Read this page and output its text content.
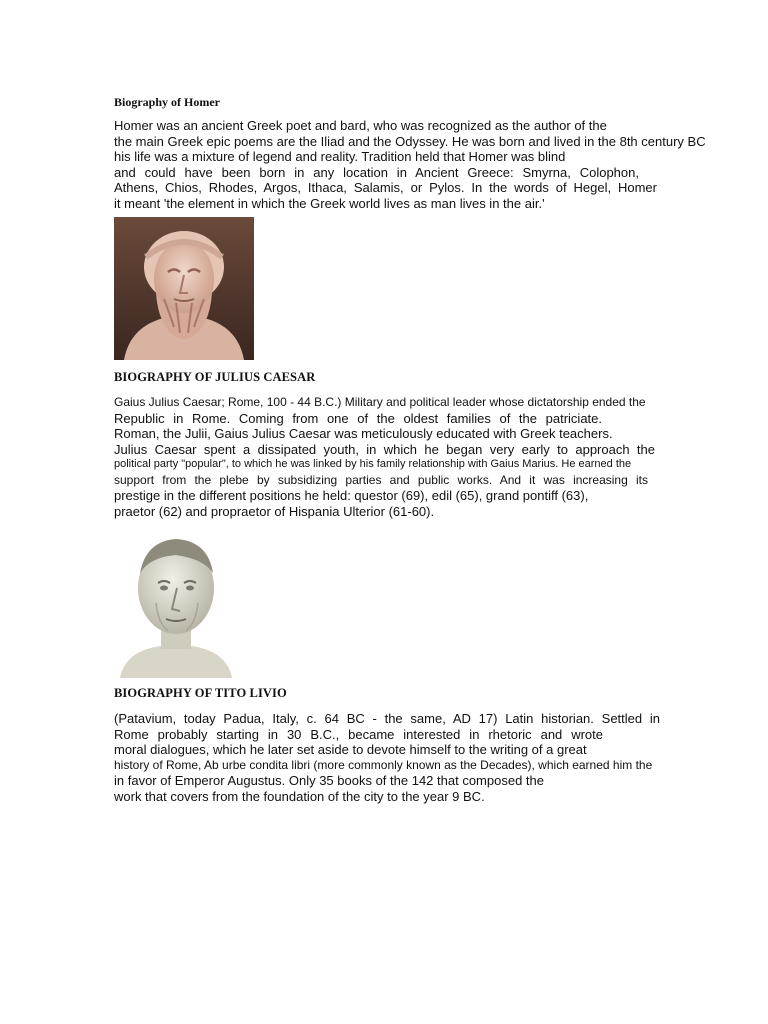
Biography of Homer
Homer was an ancient Greek poet and bard, who was recognized as the author of the
the main Greek epic poems are the Iliad and the Odyssey. He was born and lived in the 8th century BC
his life was a mixture of legend and reality. Tradition held that Homer was blind
and could have been born in any location in Ancient Greece: Smyrna, Colophon,
Athens, Chios, Rhodes, Argos, Ithaca, Salamis, or Pylos. In the words of Hegel, Homer
it meant 'the element in which the Greek world lives as man lives in the air.'
BIOGRAPHY OF JULIUS CAESAR
Gaius Julius Caesar; Rome, 100 - 44 B.C.) Military and political leader whose dictatorship ended the
Republic in Rome. Coming from one of the oldest families of the patriciate.
Roman, the Julii, Gaius Julius Caesar was meticulously educated with Greek teachers.
Julius Caesar spent a dissipated youth, in which he began very early to approach the
political party "popular", to which he was linked by his family relationship with Gaius Marius. He earned the
support from the plebe by subsidizing parties and public works. And it was increasing its
prestige in the different positions he held: questor (69), edil (65), grand pontiff (63),
praetor (62) and propraetor of Hispania Ulterior (61-60).
BIOGRAPHY OF TITO LIVIO
(Patavium, today Padua, Italy, c. 64 BC - the same, AD 17) Latin historian. Settled in
Rome probably starting in 30 B.C., became interested in rhetoric and wrote
moral dialogues, which he later set aside to devote himself to the writing of a great
history of Rome, Ab urbe condita libri (more commonly known as the Decades), which earned him the
in favor of Emperor Augustus. Only 35 books of the 142 that composed the
work that covers from the foundation of the city to the year 9 BC.
